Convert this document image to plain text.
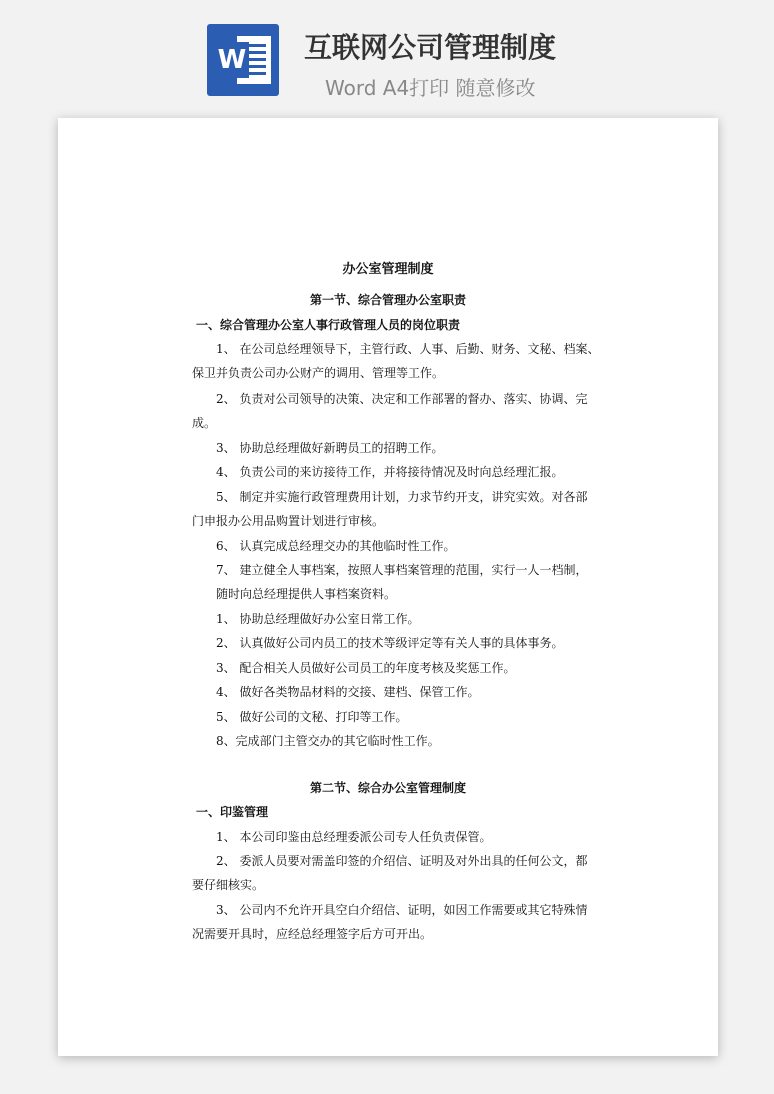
W 互联网公司管理制度
Word A4打印 随意修改
办公室管理制度
第一节、综合管理办公室职责
一、综合管理办公室人事行政管理人员的岗位职责
1、 在公司总经理领导下，主管行政、人事、后勤、财务、文秘、档案、
保卫并负责公司办公财产的调用、管理等工作。
2、 负责对公司领导的决策、决定和工作部署的督办、落实、协调、完
成。
3、 协助总经理做好新聘员工的招聘工作。
4、 负责公司的来访接待工作，并将接待情况及时向总经理汇报。
5、 制定并实施行政管理费用计划，力求节约开支，讲究实效。对各部
门申报办公用品购置计划进行审核。
6、 认真完成总经理交办的其他临时性工作。
7、 建立健全人事档案，按照人事档案管理的范围，实行一人一档制，
随时向总经理提供人事档案资料。
1、 协助总经理做好办公室日常工作。
2、 认真做好公司内员工的技术等级评定等有关人事的具体事务。
3、 配合相关人员做好公司员工的年度考核及奖惩工作。
4、 做好各类物品材料的交接、建档、保管工作。
5、 做好公司的文秘、打印等工作。
8、完成部门主管交办的其它临时性工作。
第二节、综合办公室管理制度
一、印鉴管理
1、 本公司印鉴由总经理委派公司专人任负责保管。
2、 委派人员要对需盖印签的介绍信、证明及对外出具的任何公文，都
要仔细核实。
3、 公司内不允许开具空白介绍信、证明，如因工作需要或其它特殊情
况需要开具时，应经总经理签字后方可开出。
